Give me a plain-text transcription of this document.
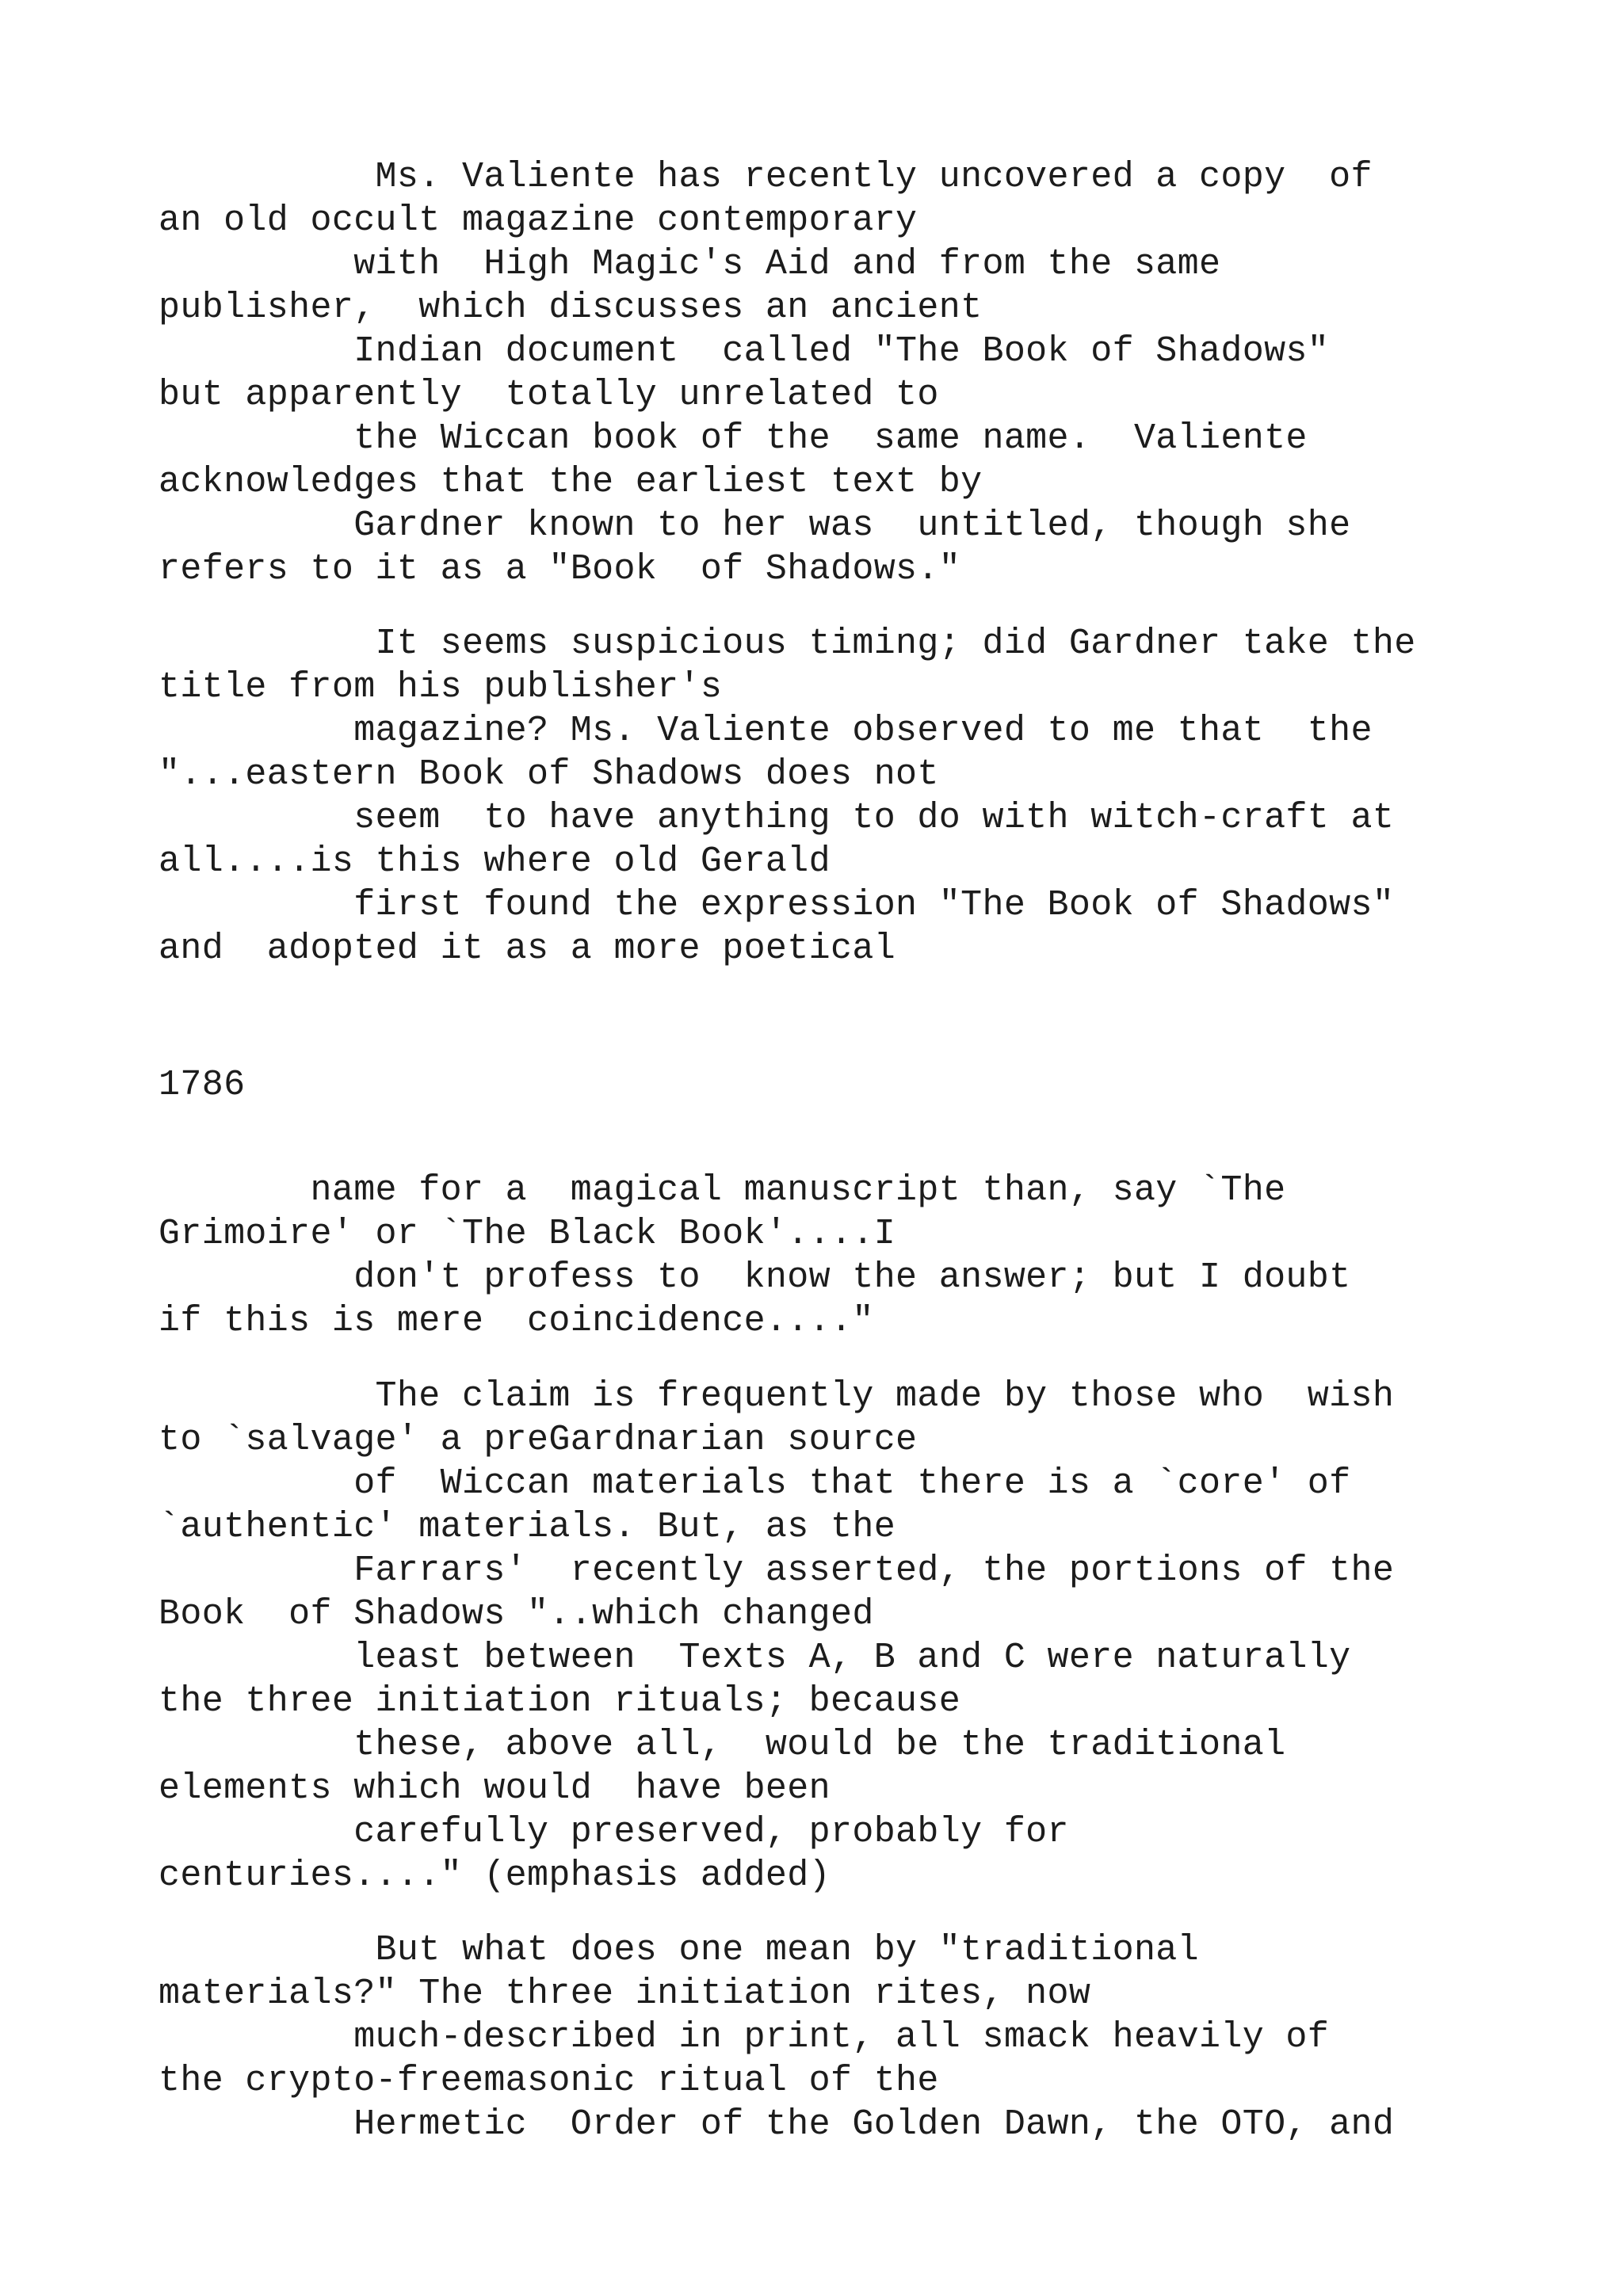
Ms. Valiente has recently uncovered a copy  of
an old occult magazine contemporary
with  High Magic's Aid and from the same
publisher,  which discusses an ancient
Indian document  called "The Book of Shadows"
but apparently  totally unrelated to
the Wiccan book of the  same name.  Valiente
acknowledges that the earliest text by
Gardner known to her was  untitled, though she
refers to it as a "Book  of Shadows."
It seems suspicious timing; did Gardner take the
title from his publisher's
magazine? Ms. Valiente observed to me that  the
"...eastern Book of Shadows does not
seem  to have anything to do with witch-craft at
all....is this where old Gerald
first found the expression "The Book of Shadows"
and  adopted it as a more poetical
1786
name for a  magical manuscript than, say `The
Grimoire' or `The Black Book'....I
don't profess to  know the answer; but I doubt
if this is mere  coincidence...."
The claim is frequently made by those who  wish
to `salvage' a preGardnarian source
of  Wiccan materials that there is a `core' of
`authentic' materials. But, as the
Farrars'  recently asserted, the portions of the
Book  of Shadows "..which changed
least between  Texts A, B and C were naturally
the three initiation rituals; because
these, above all,  would be the traditional
elements which would  have been
carefully preserved, probably for
centuries...." (emphasis added)
But what does one mean by "traditional
materials?" The three initiation rites, now
much-described in print, all smack heavily of
the crypto-freemasonic ritual of the
Hermetic  Order of the Golden Dawn, the OTO, and
